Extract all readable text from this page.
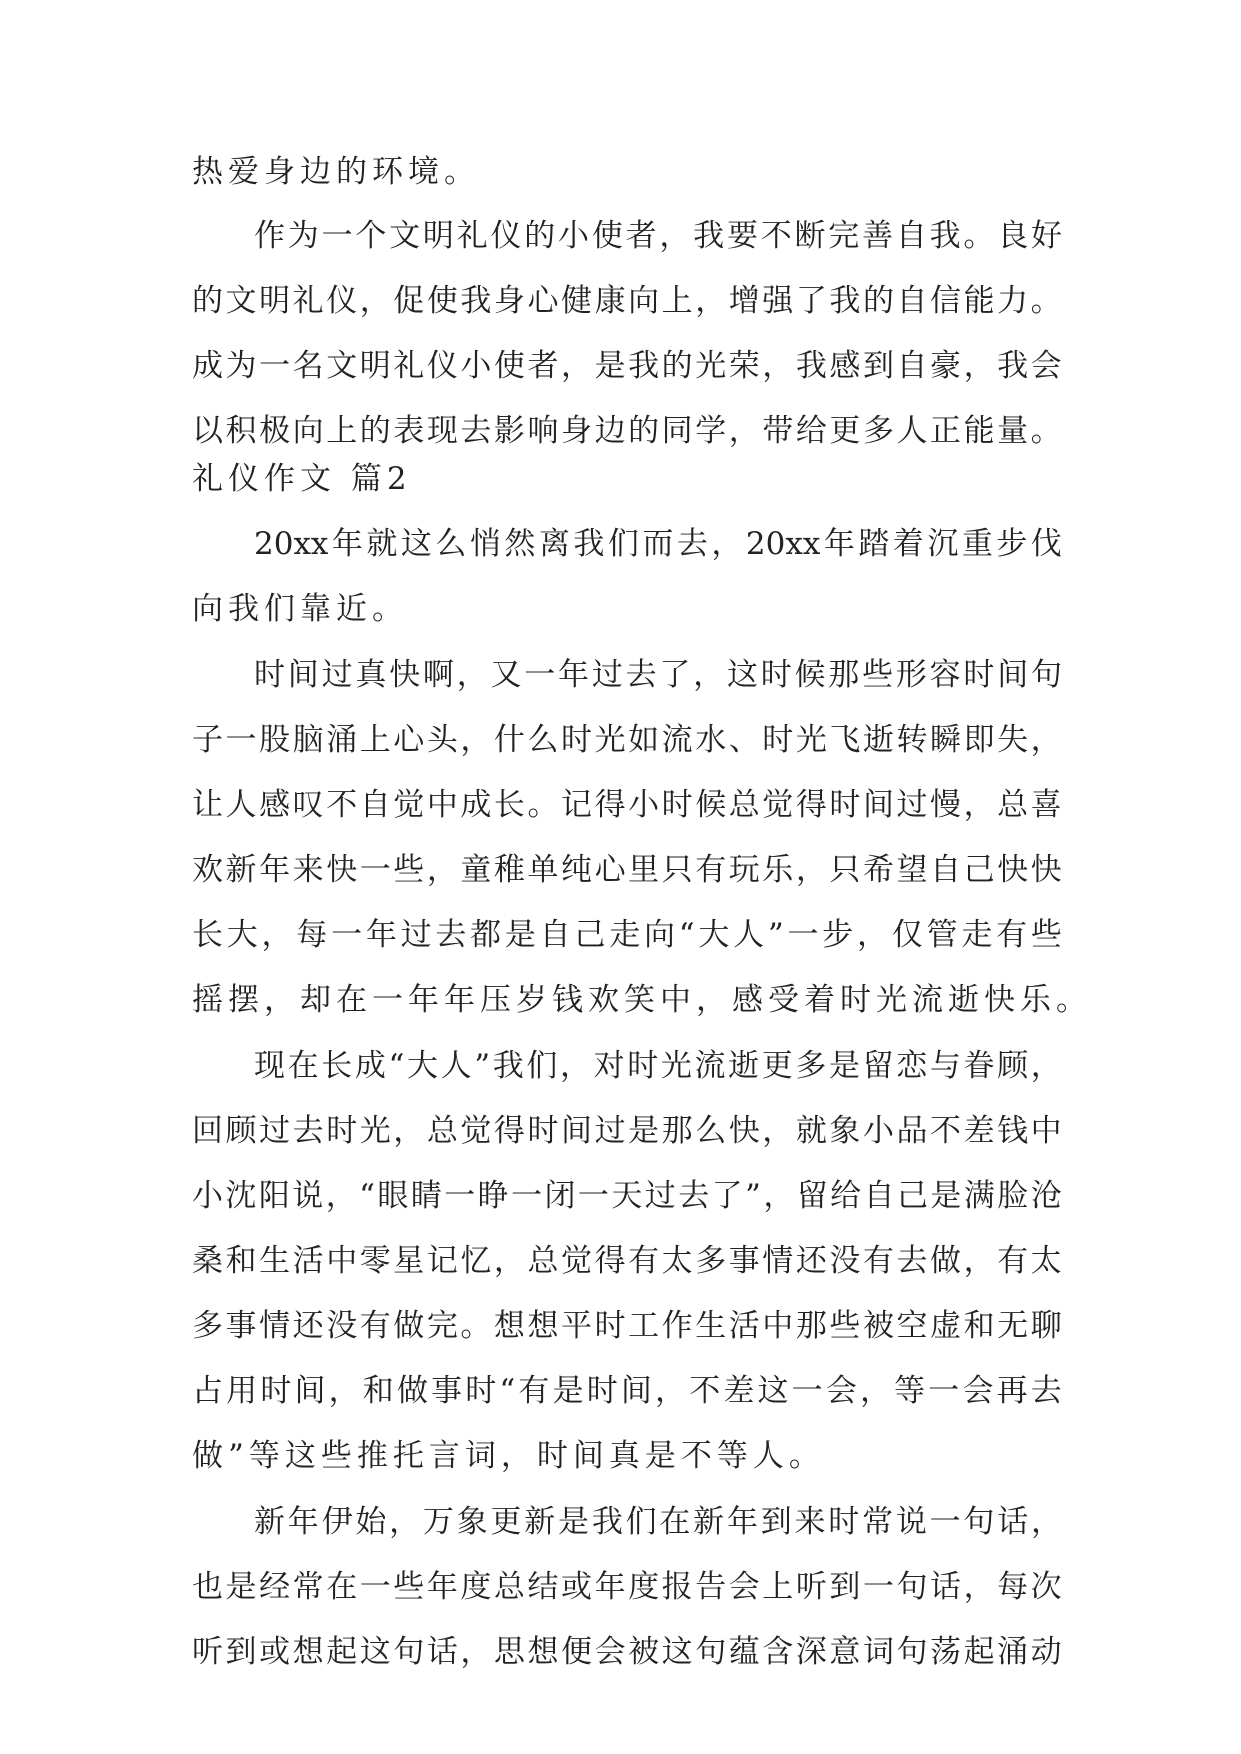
热 爱 身 边 的 环 境 。
作 为 一 个 文 明 礼 仪 的 小 使 者 ， 我 要 不 断 完 善 自 我 。 良 好
的 文 明 礼 仪 ， 促 使 我 身 心 健 康 向 上 ， 增 强 了 我 的 自 信 能 力 。
成 为 一 名 文 明 礼 仪 小 使 者 ， 是 我 的 光 荣 ， 我 感 到 自 豪 ， 我 会
以 积 极 向 上 的 表 现 去 影 响 身 边 的 同 学 ， 带 给 更 多 人 正 能 量 。
礼仪作文 篇2
20xx 年 就 这 么 悄 然 离 我 们 而 去 ， 20xx 年 踏 着 沉 重 步 伐
向 我 们 靠 近 。
时 间 过 真 快 啊 ， 又 一 年 过 去 了 ， 这 时 候 那 些 形 容 时 间 句
子 一 股 脑 涌 上 心 头 ， 什 么 时 光 如 流 水 、 时 光 飞 逝 转 瞬 即 失 ，
让 人 感 叹 不 自 觉 中 成 长 。 记 得 小 时 候 总 觉 得 时 间 过 慢 ， 总 喜
欢 新 年 来 快 一 些 ， 童 稚 单 纯 心 里 只 有 玩 乐 ， 只 希 望 自 己 快 快
长 大 ， 每 一 年 过 去 都 是 自 己 走 向 “ 大 人 ” 一 步 ， 仅 管 走 有 些
摇 摆 ， 却 在 一 年 年 压 岁 钱 欢 笑 中 ， 感 受 着 时 光 流 逝 快 乐 。
现 在 长 成 “ 大 人 ” 我 们 ， 对 时 光 流 逝 更 多 是 留 恋 与 眷 顾 ，
回 顾 过 去 时 光 ， 总 觉 得 时 间 过 是 那 么 快 ， 就 象 小 品 不 差 钱 中
小 沈 阳 说 ， “ 眼 睛 一 睁 一 闭 一 天 过 去 了 ” ， 留 给 自 己 是 满 脸 沧
桑 和 生 活 中 零 星 记 忆 ， 总 觉 得 有 太 多 事 情 还 没 有 去 做 ， 有 太
多 事 情 还 没 有 做 完 。 想 想 平 时 工 作 生 活 中 那 些 被 空 虚 和 无 聊
占 用 时 间 ， 和 做 事 时 “ 有 是 时 间 ， 不 差 这 一 会 ， 等 一 会 再 去
做 ” 等 这 些 推 托 言 词 ， 时 间 真 是 不 等 人 。
新 年 伊 始 ， 万 象 更 新 是 我 们 在 新 年 到 来 时 常 说 一 句 话 ，
也 是 经 常 在 一 些 年 度 总 结 或 年 度 报 告 会 上 听 到 一 句 话 ， 每 次
听 到 或 想 起 这 句 话 ， 思 想 便 会 被 这 句 蕴 含 深 意 词 句 荡 起 涌 动
